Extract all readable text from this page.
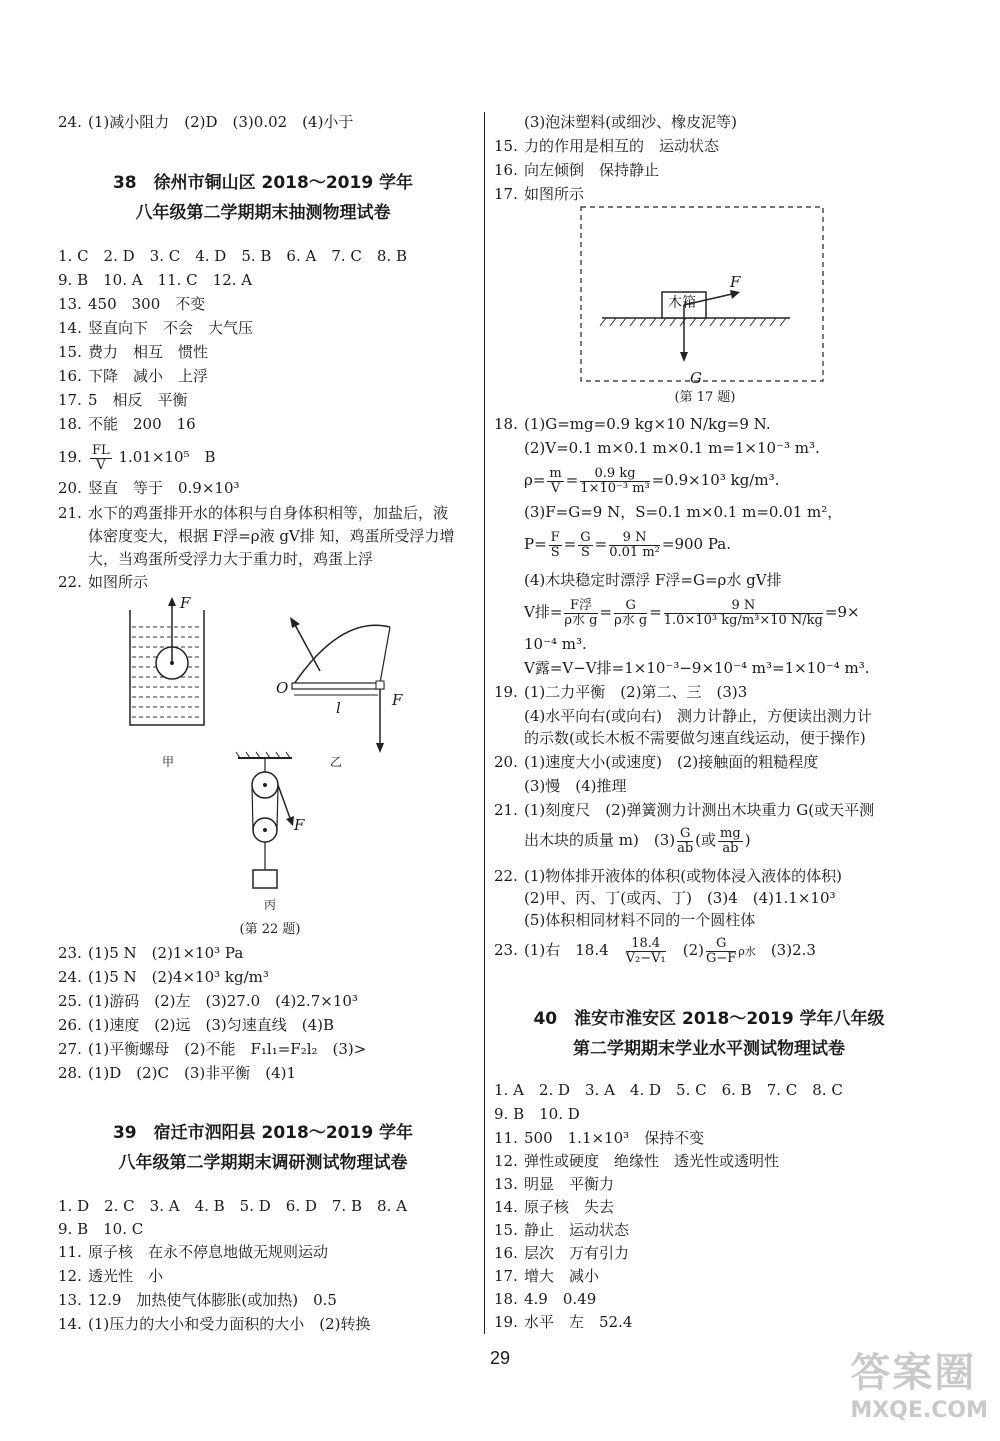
24. (1)减小阻力　(2)D　(3)0.02　(4)小于
38　徐州市铜山区 2018～2019 学年
八年级第二学期期末抽测物理试卷
1. C　2. D　3. C　4. D　5. B　6. A　7. C　8. B
9. B　10. A　11. C　12. A
13. 450　300　不变
14. 竖直向下　不会　大气压
15. 费力　相互　惯性
16. 下降　减小　上浮
17. 5　相反　平衡
18. 不能　200　16
19. $\frac{FL}{V} 1.01\times 10^5$　B
20. 竖直　等于　0.9×10³
21. 水下的鸡蛋排开水的体积与自身体积相等，加盐后，液
体密度变大，根据 F浮=ρ液 gV排 知，鸡蛋所受浮力增
大，当鸡蛋所受浮力大于重力时，鸡蛋上浮
22. 如图所示
F
甲
O
l	F
乙
F
丙
(第 22 题)
23. (1)5 N　(2)1×10³ Pa
24. (1)5 N　(2)4×10³ kg/m³
25. (1)游码　(2)左　(3)27.0　(4)2.7×10³
26. (1)速度　(2)远　(3)匀速直线　(4)B
27. (1)平衡螺母　(2)不能　F₁l₁=F₂l₂　(3)>
28. (1)D　(2)C　(3)非平衡　(4)1
39　宿迁市泗阳县 2018～2019 学年
八年级第二学期期末调研测试物理试卷
1. D　2. C　3. A　4. B　5. D　6. D　7. B　8. A
9. B　10. C
11. 原子核　在永不停息地做无规则运动
12. 透光性　小
13. 12.9　加热使气体膨胀(或加热)　0.5
14. (1)压力的大小和受力面积的大小　(2)转换
(3)泡沫塑料(或细沙、橡皮泥等)
15. 力的作用是相互的　运动状态
16. 向左倾倒　保持静止
17. 如图所示
木箱
F
G
(第 17 题)
18. (1)G=mg=0.9 kg×10 N/kg=9 N.
(2)V=0.1 m×0.1 m×0.1 m=1×10⁻³ m³.
$\rho= \frac{m}{V} = \frac{0.9 kg}{\text{1×10⁻³ m³}} =0.9\times 10^3$ kg/m³.
(3)F=G=9 N，S=0.1 m×0.1 m=0.01 m²，
$P= \frac{F}{S} = \frac{G}{S} = \frac{9 N}{\text{0.01 m²}} =900$ Pa.
(4)木块稳定时漂浮 F浮=G=ρ水 gV排
V排= $\frac{\text{F浮}}{\text{ρ水 g}} = \frac{G}{\text{ρ水 g}} = \frac{9 N}{\text{1.0×10³ kg/m³×10 N/kg}} =9\times$
10⁻⁴ m³.
V露=V−V排=1×10⁻³−9×10⁻⁴ m³=1×10⁻⁴ m³.
19. (1)二力平衡　(2)第二、三　(3)3
(4)水平向右(或向右)　测力计静止，方便读出测力计
的示数(或长木板不需要做匀速直线运动，便于操作)
20. (1)速度大小(或速度)　(2)接触面的粗糙程度
(3)慢　(4)推理
21. (1)刻度尺　(2)弹簧测力计测出木块重力 G(或天平测
出木块的质量 m)　$(3) \frac{G}{ab}$ (或 $\frac{mg}{ab}$ )
22. (1)物体排开液体的体积(或物体浸入液体的体积)
(2)甲、丙、丁(或丙、丁)　(3)4　(4)1.1×10³
(5)体积相同材料不同的一个圆柱体
23. (1)右　18.4　 $\frac{18.4}{\text{V₂−V₁}}$
　 $(2) \frac{G}{G-F}$ ρ水　 (3)2.3
40　淮安市淮安区 2018～2019 学年八年级
第二学期期末学业水平测试物理试卷
1. A　2. D　3. A　4. D　5. C　6. B　7. C　8. C
9. B　10. D
11. 500　1.1×10³　保持不变
12. 弹性或硬度　绝缘性　透光性或透明性
13. 明显　平衡力
14. 原子核　失去
15. 静止　运动状态
16. 层次　万有引力
17. 增大　减小
18. 4.9　0.49
19. 水平　左　52.4
29	答案圈
MXQE.COM
